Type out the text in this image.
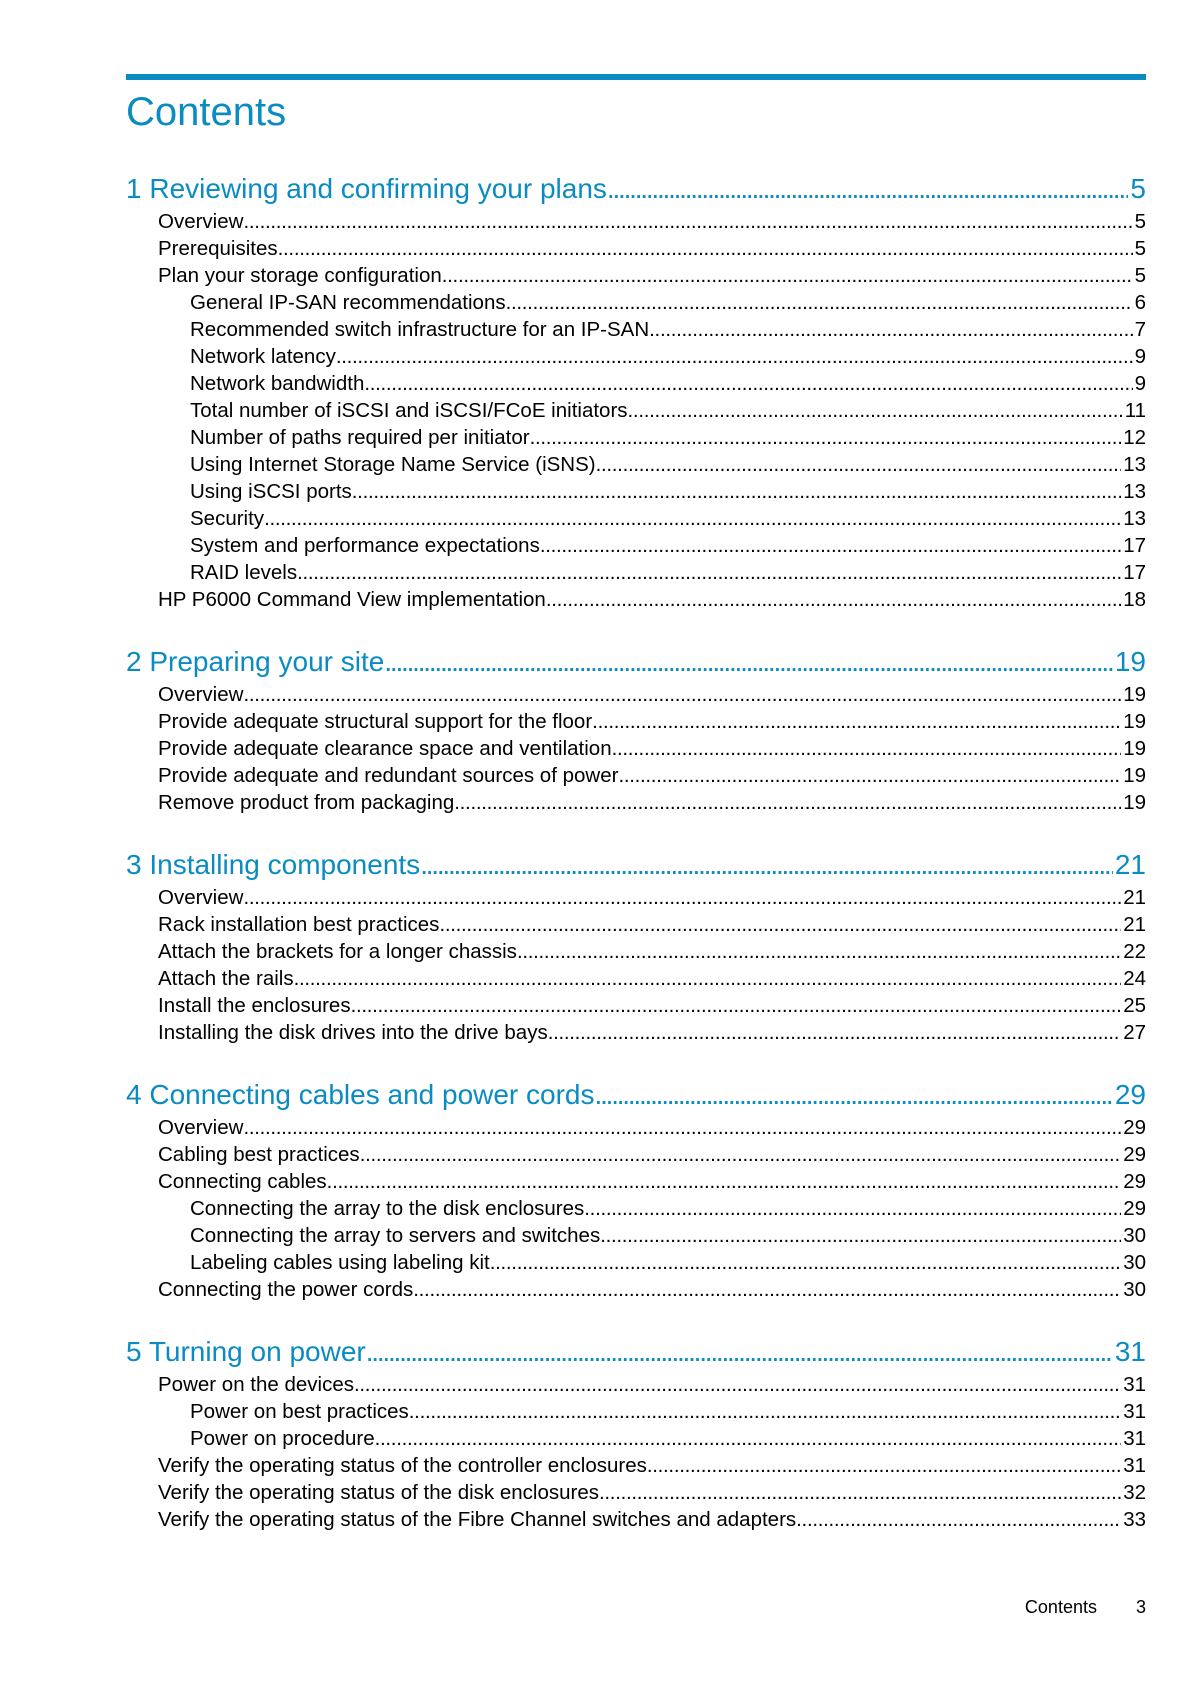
Contents
1 Reviewing and confirming your plans . . .	5
Overview . . .	5
Prerequisites . . .	5
Plan your storage configuration . . .	5
General IP-SAN recommendations . . .	6
Recommended switch infrastructure for an IP-SAN . . .	7
Network latency . . .	9
Network bandwidth . . .	9
Total number of iSCSI and iSCSI/FCoE initiators . . .	11
Number of paths required per initiator . . .	12
Using Internet Storage Name Service (iSNS) . . .	13
Using iSCSI ports . . .	13
Security . . .	13
System and performance expectations . . .	17
RAID levels . . .	17
HP P6000 Command View implementation . . .	18
2 Preparing your site . . .	19
Overview . . .	19
Provide adequate structural support for the floor . . .	19
Provide adequate clearance space and ventilation . . .	19
Provide adequate and redundant sources of power . . .	19
Remove product from packaging . . .	19
3 Installing components . . .	21
Overview . . .	21
Rack installation best practices . . .	21
Attach the brackets for a longer chassis . . .	22
Attach the rails . . .	24
Install the enclosures . . .	25
Installing the disk drives into the drive bays . . .	27
4 Connecting cables and power cords . . .	29
Overview . . .	29
Cabling best practices . . .	29
Connecting cables . . .	29
Connecting the array to the disk enclosures . . .	29
Connecting the array to servers and switches . . .	30
Labeling cables using labeling kit . . .	30
Connecting the power cords . . .	30
5 Turning on power . . .	31
Power on the devices . . .	31
Power on best practices . . .	31
Power on procedure . . .	31
Verify the operating status of the controller enclosures . . .	31
Verify the operating status of the disk enclosures . . .	32
Verify the operating status of the Fibre Channel switches and adapters . . .	33
Contents 3
